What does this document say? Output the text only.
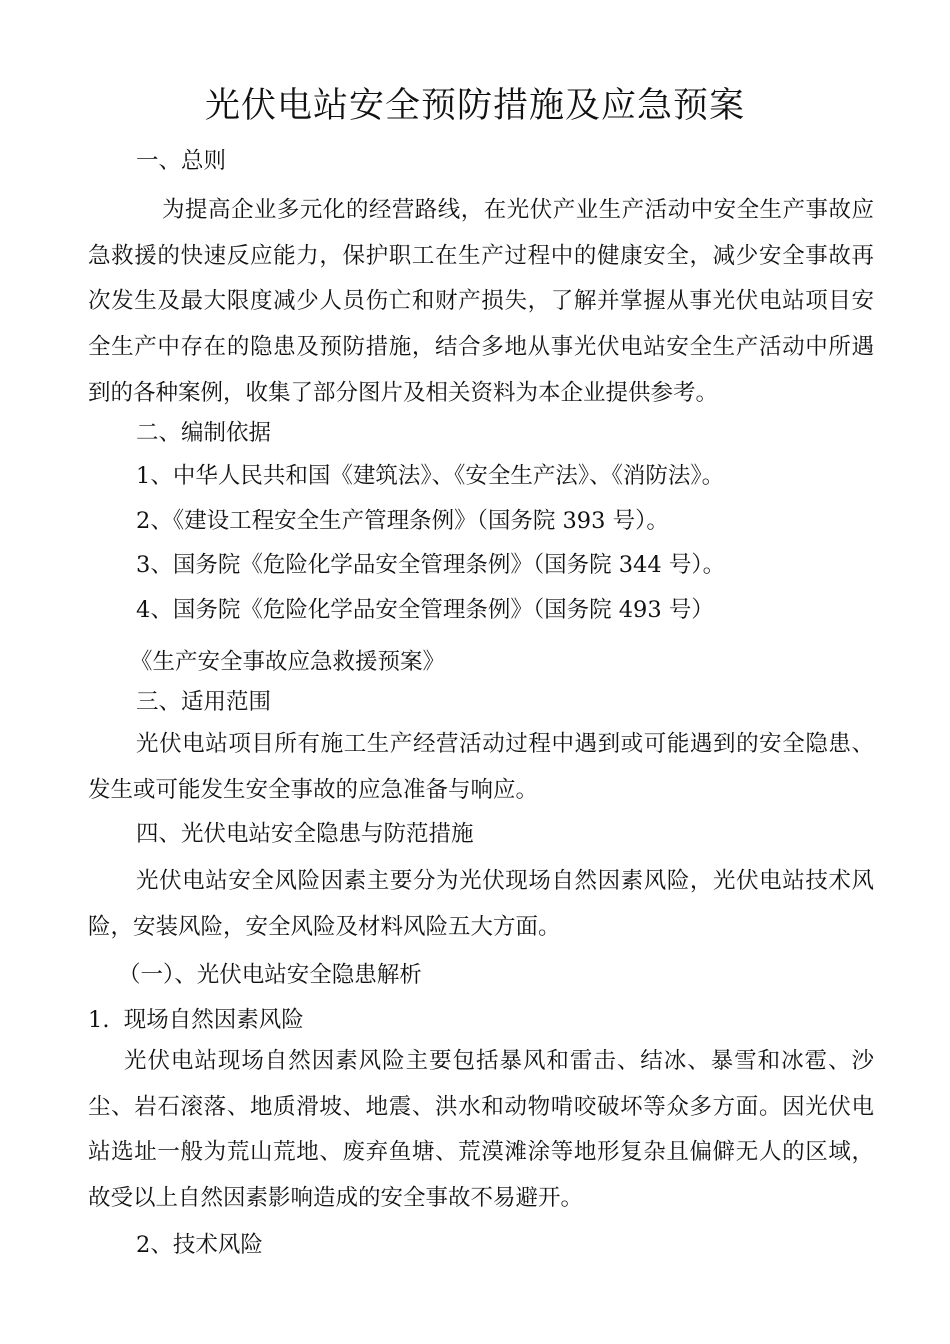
光伏电站安全预防措施及应急预案
一、总则
为提高企业多元化的经营路线，在光伏产业生产活动中安全生产事故应急救援的快速反应能力，保护职工在生产过程中的健康安全，减少安全事故再次发生及最大限度减少人员伤亡和财产损失，了解并掌握从事光伏电站项目安全生产中存在的隐患及预防措施，结合多地从事光伏电站安全生产活动中所遇到的各种案例，收集了部分图片及相关资料为本企业提供参考。
二、编制依据
1、中华人民共和国《建筑法》、《安全生产法》、《消防法》。
2、《建设工程安全生产管理条例》（国务院 393 号）。
3、国务院《危险化学品安全管理条例》（国务院 344 号）。
4、国务院《危险化学品安全管理条例》（国务院 493 号）
《生产安全事故应急救援预案》
三、适用范围
光伏电站项目所有施工生产经营活动过程中遇到或可能遇到的安全隐患、发生或可能发生安全事故的应急准备与响应。
四、光伏电站安全隐患与防范措施
光伏电站安全风险因素主要分为光伏现场自然因素风险，光伏电站技术风险，安装风险，安全风险及材料风险五大方面。
（一）、光伏电站安全隐患解析
1.  现场自然因素风险
光伏电站现场自然因素风险主要包括暴风和雷击、结冰、暴雪和冰雹、沙尘、岩石滚落、地质滑坡、地震、洪水和动物啃咬破坏等众多方面。因光伏电站选址一般为荒山荒地、废弃鱼塘、荒漠滩涂等地形复杂且偏僻无人的区域，故受以上自然因素影响造成的安全事故不易避开。
2、技术风险
